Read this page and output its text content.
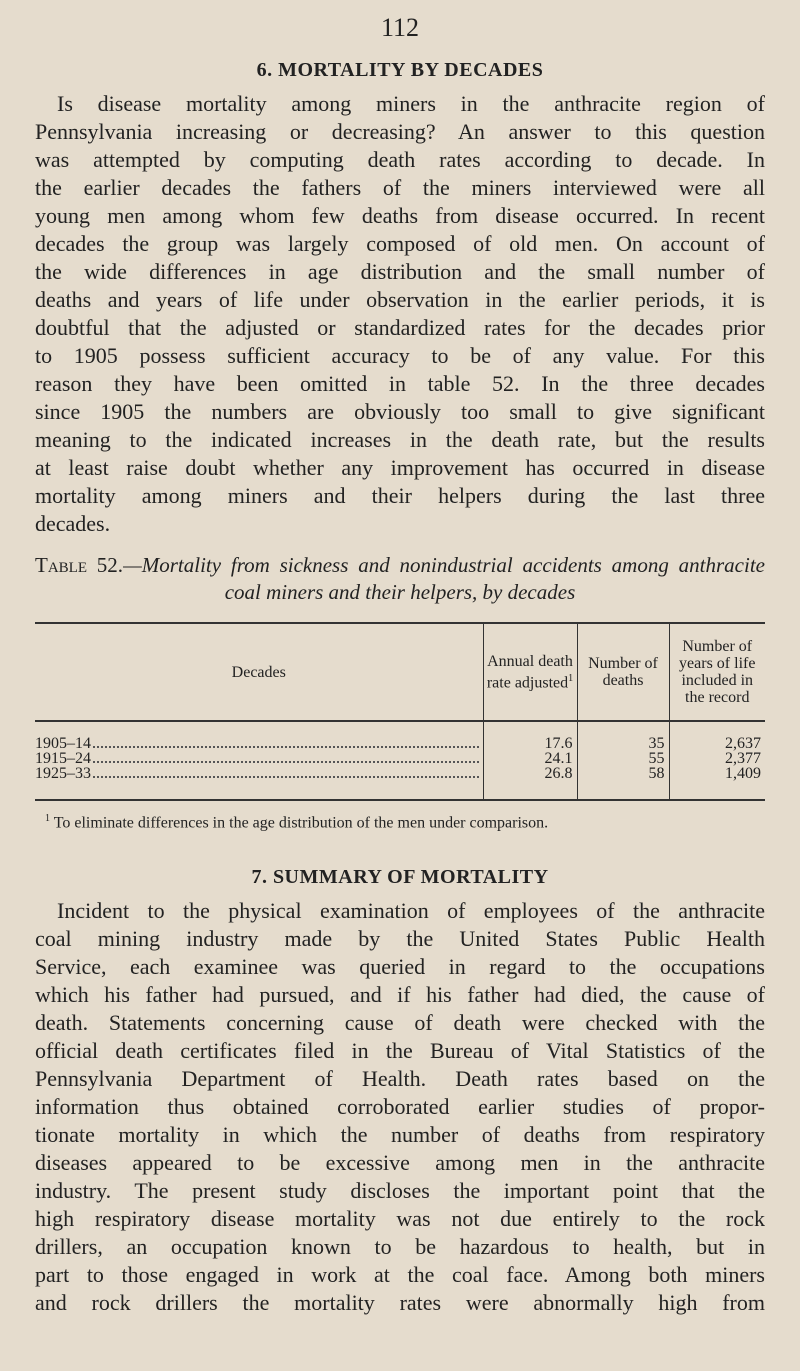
112
6. MORTALITY BY DECADES
Is disease mortality among miners in the anthracite region of
Pennsylvania increasing or decreasing? An answer to this question
was attempted by computing death rates according to decade. In
the earlier decades the fathers of the miners interviewed were all
young men among whom few deaths from disease occurred. In recent
decades the group was largely composed of old men. On account of
the wide differences in age distribution and the small number of
deaths and years of life under observation in the earlier periods, it is
doubtful that the adjusted or standardized rates for the decades prior
to 1905 possess sufficient accuracy to be of any value. For this
reason they have been omitted in table 52. In the three decades
since 1905 the numbers are obviously too small to give significant
meaning to the indicated increases in the death rate, but the results
at least raise doubt whether any improvement has occurred in disease
mortality among miners and their helpers during the last three
decades.
Table 52.—Mortality from sickness and nonindustrial accidents among anthracite
coal miners and their helpers, by decades
Decades	Annual death rate adjusted$^1$	Number of deaths	Number of years of life included in the record

1905–14	17.6	35	2,637

1915–24	24.1	55	2,377

1925–33	26.8	58	1,409
$^1$ To eliminate differences in the age distribution of the men under comparison.
7. SUMMARY OF MORTALITY
Incident to the physical examination of employees of the anthracite
coal mining industry made by the United States Public Health
Service, each examinee was queried in regard to the occupations
which his father had pursued, and if his father had died, the cause of
death. Statements concerning cause of death were checked with the
official death certificates filed in the Bureau of Vital Statistics of the
Pennsylvania Department of Health. Death rates based on the
information thus obtained corroborated earlier studies of propor-
tionate mortality in which the number of deaths from respiratory
diseases appeared to be excessive among men in the anthracite
industry. The present study discloses the important point that the
high respiratory disease mortality was not due entirely to the rock
drillers, an occupation known to be hazardous to health, but in
part to those engaged in work at the coal face. Among both miners
and rock drillers the mortality rates were abnormally high from
